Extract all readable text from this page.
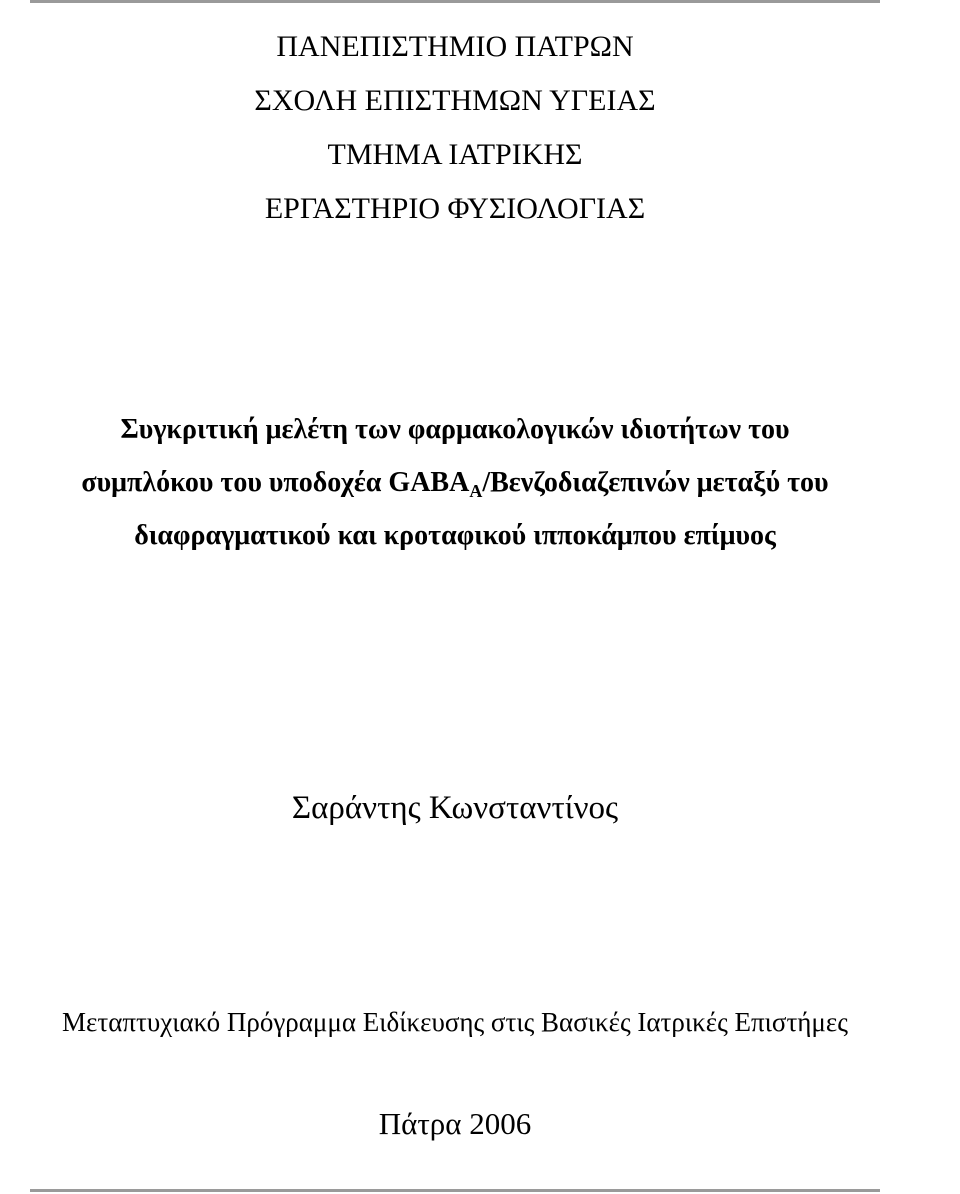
ΠΑΝΕΠΙΣΤΗΜΙΟ ΠΑΤΡΩΝ
ΣΧΟΛΗ ΕΠΙΣΤΗΜΩΝ ΥΓΕΙΑΣ
ΤΜΗΜΑ ΙΑΤΡΙΚΗΣ
ΕΡΓΑΣΤΗΡΙΟ ΦΥΣΙΟΛΟΓΙΑΣ
Συγκριτική μελέτη των φαρμακολογικών ιδιοτήτων του
συμπλόκου του υποδοχέα $GABA_A$/Βενζοδιαζεπινών μεταξύ του
διαφραγματικού και κροταφικού ιπποκάμπου επίμυος
Σαράντης Κωνσταντίνος
Μεταπτυχιακό Πρόγραμμα Ειδίκευσης στις Βασικές Ιατρικές Επιστήμες
Πάτρα 2006
